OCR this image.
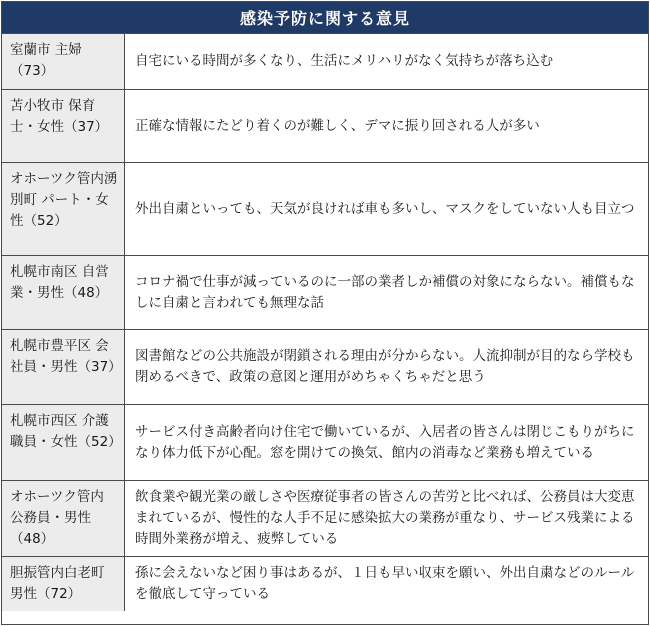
感染予防に関する意見
室蘭市 主婦（73）	自宅にいる時間が多くなり、生活にメリハリがなく気持ちが落ち込む
苫小牧市 保育士・女性（37）	正確な情報にたどり着くのが難しく、デマに振り回される人が多い
オホーツク管内湧別町 パート・女性（52）	外出自粛といっても、天気が良ければ車も多いし、マスクをしていない人も目立つ
札幌市南区 自営業・男性（48）	コロナ禍で仕事が減っているのに一部の業者しか補償の対象にならない。補償もなしに自粛と言われても無理な話
札幌市豊平区 会社員・男性（37）	図書館などの公共施設が閉鎖される理由が分からない。人流抑制が目的なら学校も閉めるべきで、政策の意図と運用がめちゃくちゃだと思う
札幌市西区 介護職員・女性（52）	サービス付き高齢者向け住宅で働いているが、入居者の皆さんは閉じこもりがちになり体力低下が心配。窓を開けての換気、館内の消毒など業務も増えている
オホーツク管内 公務員・男性（48）	飲食業や観光業の厳しさや医療従事者の皆さんの苦労と比べれば、公務員は大変恵まれているが、慢性的な人手不足に感染拡大の業務が重なり、サービス残業による時間外業務が増え、疲弊している
胆振管内白老町 男性（72）	孫に会えないなど困り事はあるが、１日も早い収束を願い、外出自粛などのルールを徹底して守っている
